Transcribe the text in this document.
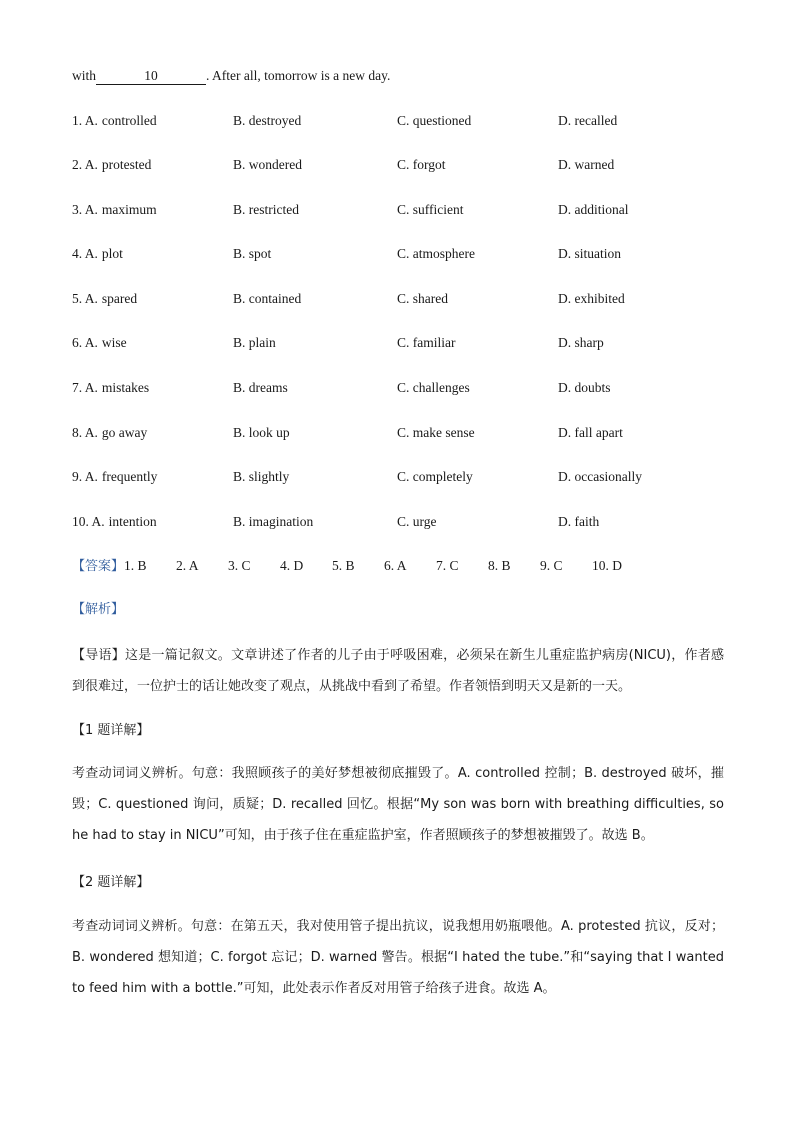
with	10	. After all, tomorrow is a new day.
1. A. controlled	B. destroyed	C. questioned	D. recalled
2. A. protested	B. wondered	C. forgot	D. warned
3. A. maximum	B. restricted	C. sufficient	D. additional
4. A. plot	B. spot	C. atmosphere	D. situation
5. A. spared	B. contained	C. shared	D. exhibited
6. A. wise	B. plain	C. familiar	D. sharp
7. A. mistakes	B. dreams	C. challenges	D. doubts
8. A. go away	B. look up	C. make sense	D. fall apart
9. A. frequently	B. slightly	C. completely	D. occasionally
10. A. intention	B. imagination	C. urge	D. faith
【答案】1. B 2. A 3. C 4. D 5. B 6. A 7. C 8. B 9. C 10. D
【解析】
【导语】这是一篇记叙文。文章讲述了作者的儿子由于呼吸困难，必须呆在新生儿重症监护病房(NICU)，作者感到很难过，一位护士的话让她改变了观点，从挑战中看到了希望。作者领悟到明天又是新的一天。
【1 题详解】
考查动词词义辨析。句意：我照顾孩子的美好梦想被彻底摧毁了。A. controlled 控制；B. destroyed 破坏，摧毁；C. questioned 询问，质疑；D. recalled 回忆。根据“My son was born with breathing difficulties, so he had to stay in NICU”可知，由于孩子住在重症监护室，作者照顾孩子的梦想被摧毁了。故选 B。
【2 题详解】
考查动词词义辨析。句意：在第五天，我对使用管子提出抗议，说我想用奶瓶喂他。A. protested 抗议，反对；B. wondered 想知道；C. forgot 忘记；D. warned 警告。根据“I hated the tube.”和“saying that I wanted to feed him with a bottle.”可知，此处表示作者反对用管子给孩子进食。故选 A。
